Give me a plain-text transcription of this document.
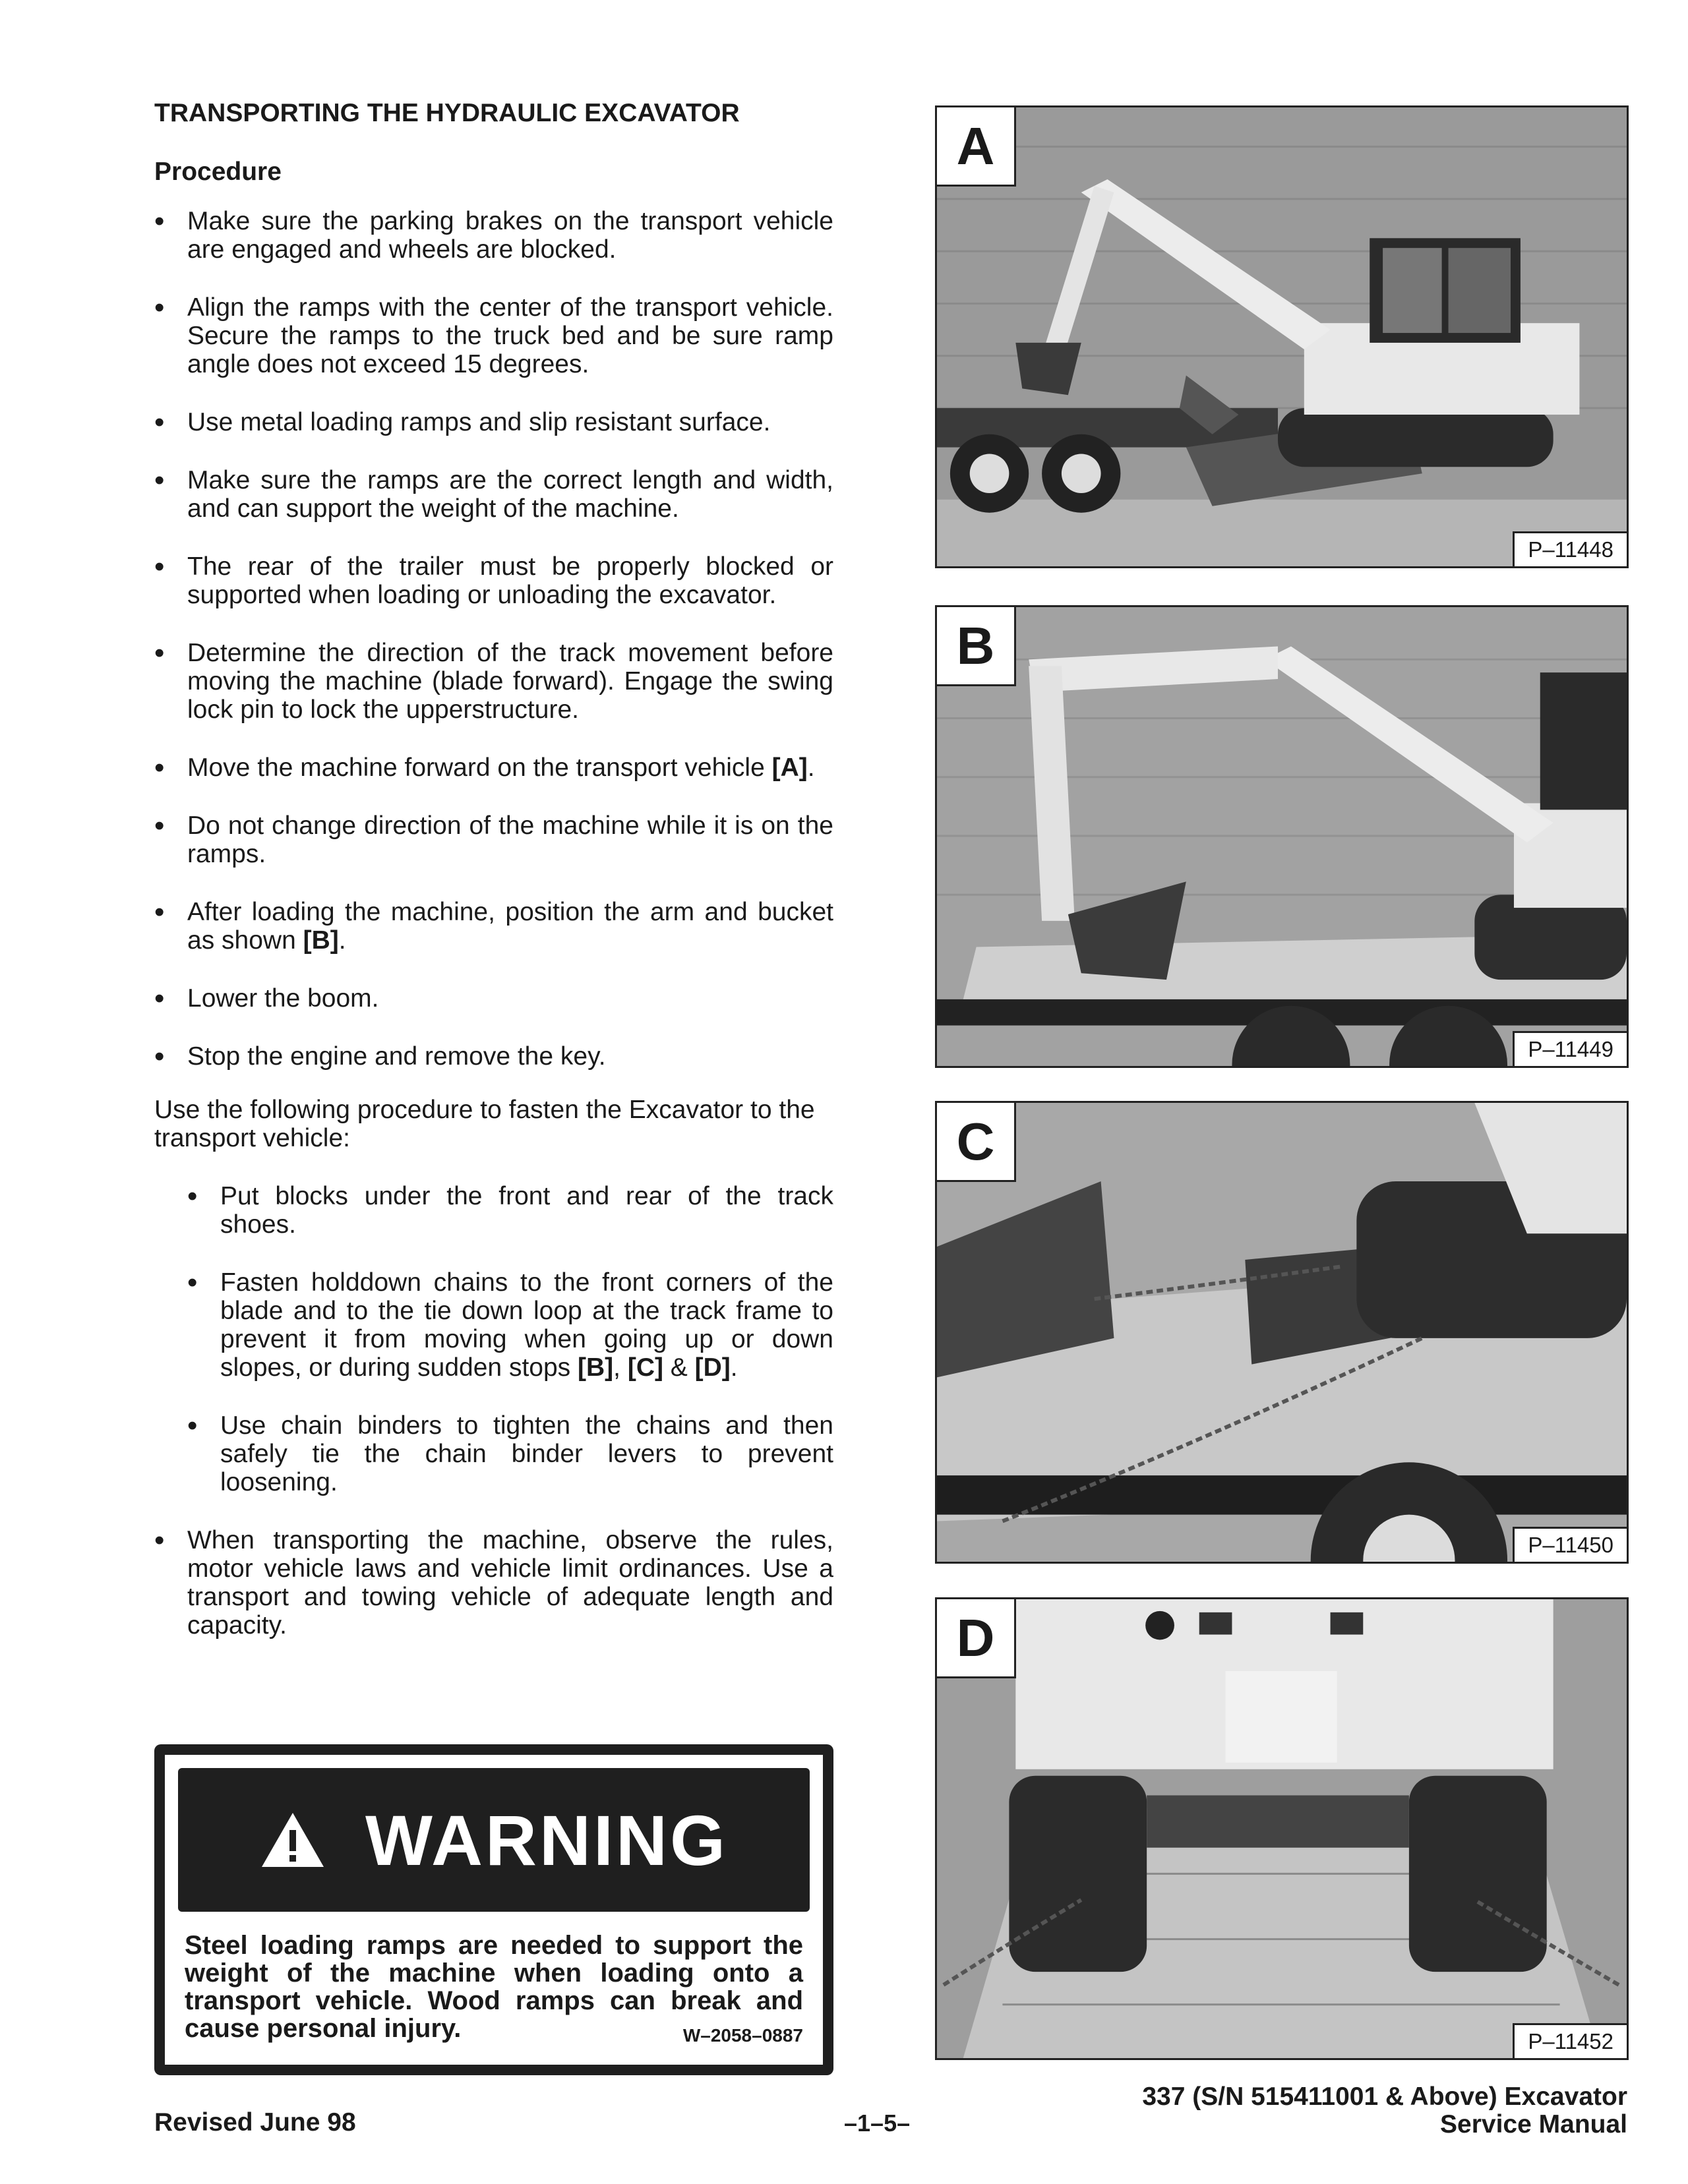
TRANSPORTING THE HYDRAULIC EXCAVATOR
Procedure
• Make sure the parking brakes on the transport vehicle are engaged and wheels are blocked.
• Align the ramps with the center of the transport vehicle. Secure the ramps to the truck bed and be sure ramp angle does not exceed 15 degrees.
• Use metal loading ramps and slip resistant surface.
• Make sure the ramps are the correct length and width, and can support the weight of the machine.
• The rear of the trailer must be properly blocked or supported when loading or unloading the excavator.
• Determine the direction of the track movement before moving the machine (blade forward). Engage the swing lock pin to lock the upperstructure.
• Move the machine forward on the transport vehicle [A].
• Do not change direction of the machine while it is on the ramps.
• After loading the machine, position the arm and bucket as shown [B].
• Lower the boom.
• Stop the engine and remove the key.

Use the following procedure to fasten the Excavator to the transport vehicle:

• Put blocks under the front and rear of the track shoes.
• Fasten holddown chains to the front corners of the blade and to the tie down loop at the track frame to prevent it from moving when going up or down slopes, or during sudden stops [B], [C] & [D].
• Use chain binders to tighten the chains and then safely tie the chain binder levers to prevent loosening.
• When transporting the machine, observe the rules, motor vehicle laws and vehicle limit ordinances. Use a transport and towing vehicle of adequate length and capacity.
WARNING
Steel loading ramps are needed to support the weight of the machine when loading onto a transport vehicle. Wood ramps can break and cause personal injury.	W–2058–0887
A
P–11448
B
P–11449
C
P–11450
D
P–11452
Revised June 98	–1–5–
337 (S/N 515411001 & Above) Excavator
Service Manual
